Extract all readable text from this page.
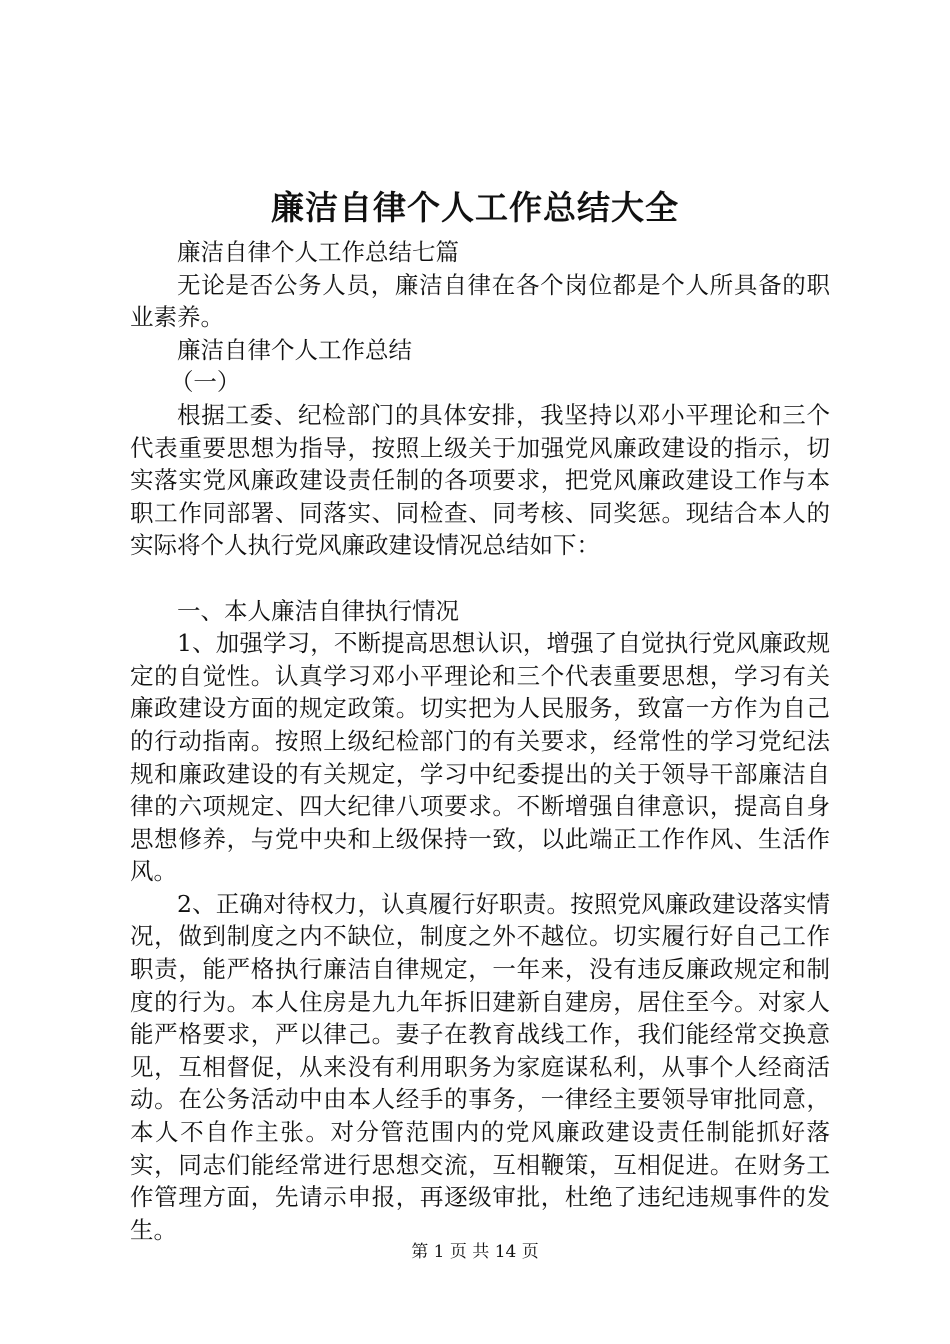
廉洁自律个人工作总结大全

廉洁自律个人工作总结七篇

无论是否公务人员，廉洁自律在各个岗位都是个人所具备的职业素养。

廉洁自律个人工作总结

（一）

根据工委、纪检部门的具体安排，我坚持以邓小平理论和三个代表重要思想为指导，按照上级关于加强党风廉政建设的指示，切实落实党风廉政建设责任制的各项要求，把党风廉政建设工作与本职工作同部署、同落实、同检查、同考核、同奖惩。现结合本人的实际将个人执行党风廉政建设情况总结如下：

一、本人廉洁自律执行情况

1、加强学习，不断提高思想认识，增强了自觉执行党风廉政规定的自觉性。认真学习邓小平理论和三个代表重要思想，学习有关廉政建设方面的规定政策。切实把为人民服务，致富一方作为自己的行动指南。按照上级纪检部门的有关要求，经常性的学习党纪法规和廉政建设的有关规定，学习中纪委提出的关于领导干部廉洁自律的六项规定、四大纪律八项要求。不断增强自律意识，提高自身思想修养，与党中央和上级保持一致，以此端正工作作风、生活作风。

2、正确对待权力，认真履行好职责。按照党风廉政建设落实情况，做到制度之内不缺位，制度之外不越位。切实履行好自己工作职责，能严格执行廉洁自律规定，一年来，没有违反廉政规定和制度的行为。本人住房是九九年拆旧建新自建房，居住至今。对家人能严格要求，严以律己。妻子在教育战线工作，我们能经常交换意见，互相督促，从来没有利用职务为家庭谋私利，从事个人经商活动。在公务活动中由本人经手的事务，一律经主要领导审批同意，本人不自作主张。对分管范围内的党风廉政建设责任制能抓好落实，同志们能经常进行思想交流，互相鞭策，互相促进。在财务工作管理方面，先请示申报，再逐级审批，杜绝了违纪违规事件的发生。

第 1 页 共 14 页
